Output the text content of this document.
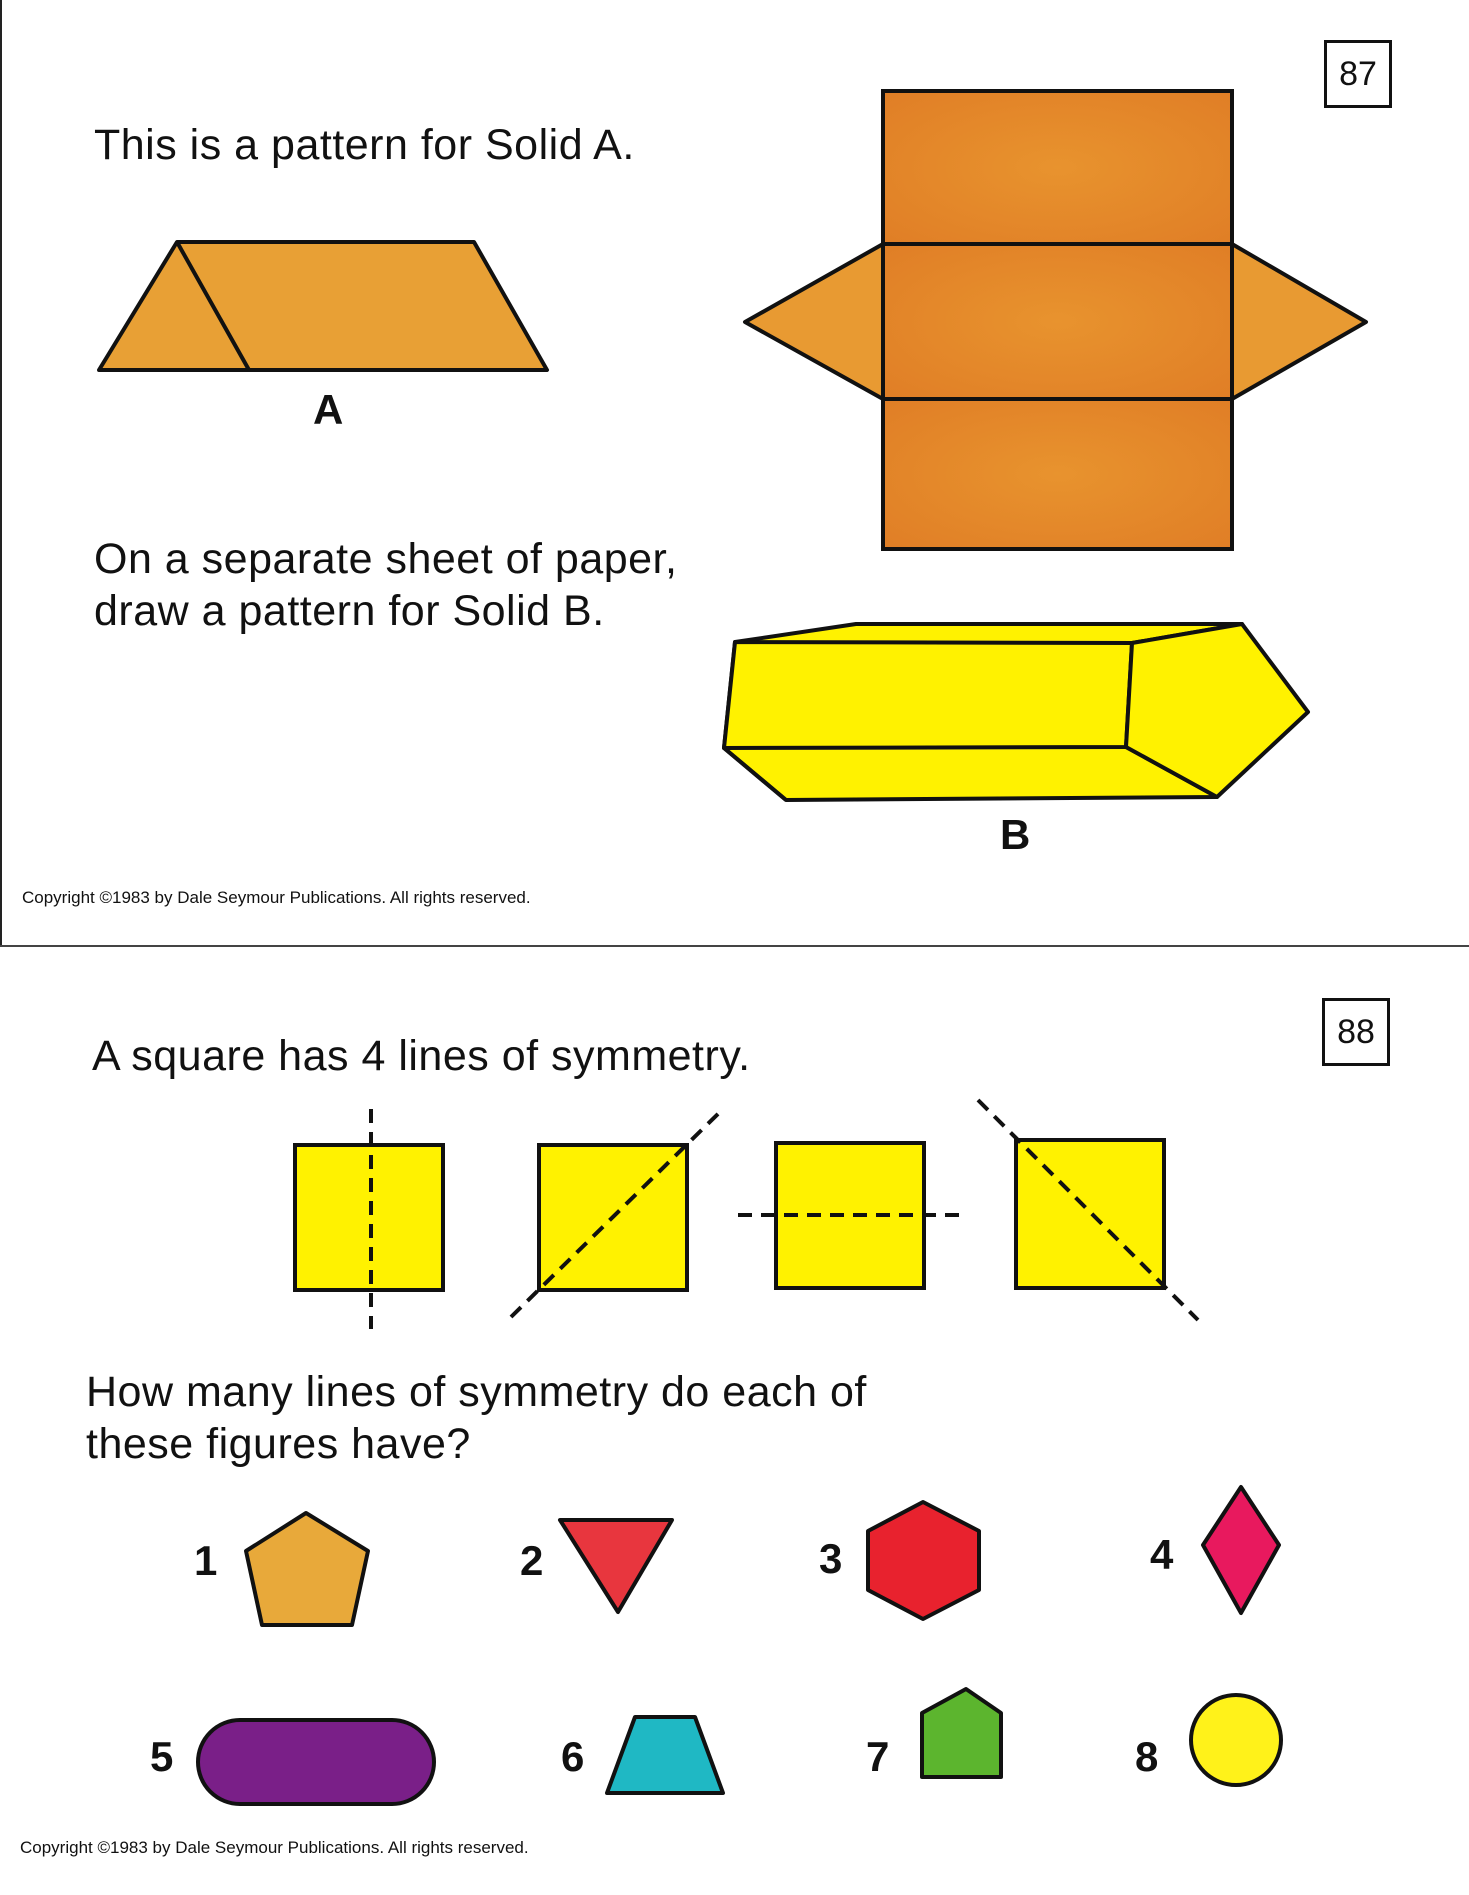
87
This is a pattern for Solid A.
A
On a separate sheet of paper,
draw a pattern for Solid B.
B
Copyright ©1983 by Dale Seymour Publications. All rights reserved.
88
A square has 4 lines of symmetry.
How many lines of symmetry do each of
these figures have?
1	2	3	4
5	6	7	8
Copyright ©1983 by Dale Seymour Publications. All rights reserved.
